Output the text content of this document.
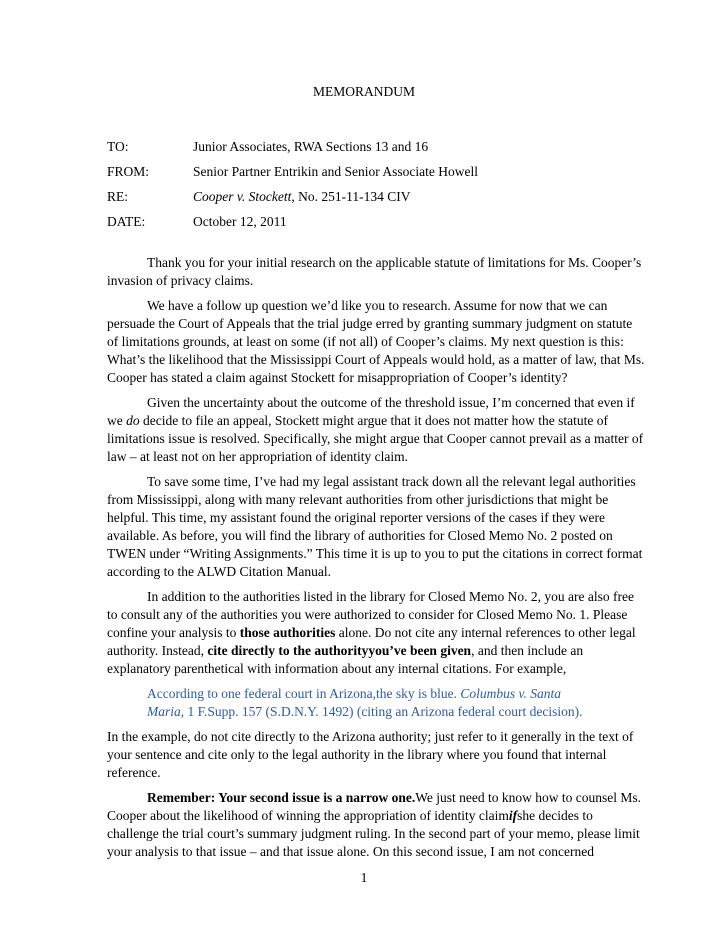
MEMORANDUM
TO:	Junior Associates, RWA Sections 13 and 16
FROM:	Senior Partner Entrikin and Senior Associate Howell
RE:	Cooper v. Stockett, No. 251-11-134 CIV
DATE:	October 12, 2011

Thank you for your initial research on the applicable statute of limitations for Ms. Cooper’s invasion of privacy claims.

We have a follow up question we’d like you to research. Assume for now that we can persuade the Court of Appeals that the trial judge erred by granting summary judgment on statute of limitations grounds, at least on some (if not all) of Cooper’s claims. My next question is this: What’s the likelihood that the Mississippi Court of Appeals would hold, as a matter of law, that Ms. Cooper has stated a claim against Stockett for misappropriation of Cooper’s identity?

Given the uncertainty about the outcome of the threshold issue, I’m concerned that even if we do decide to file an appeal, Stockett might argue that it does not matter how the statute of limitations issue is resolved. Specifically, she might argue that Cooper cannot prevail as a matter of law – at least not on her appropriation of identity claim.

To save some time, I’ve had my legal assistant track down all the relevant legal authorities from Mississippi, along with many relevant authorities from other jurisdictions that might be helpful. This time, my assistant found the original reporter versions of the cases if they were available. As before, you will find the library of authorities for Closed Memo No. 2 posted on TWEN under “Writing Assignments.” This time it is up to you to put the citations in correct format according to the ALWD Citation Manual.

In addition to the authorities listed in the library for Closed Memo No. 2, you are also free to consult any of the authorities you were authorized to consider for Closed Memo No. 1. Please confine your analysis to those authorities alone. Do not cite any internal references to other legal authority. Instead, cite directly to the authorityyou’ve been given, and then include an explanatory parenthetical with information about any internal citations. For example,

According to one federal court in Arizona,the sky is blue. Columbus v. Santa Maria, 1 F.Supp. 157 (S.D.N.Y. 1492) (citing an Arizona federal court decision).

In the example, do not cite directly to the Arizona authority; just refer to it generally in the text of your sentence and cite only to the legal authority in the library where you found that internal reference.

Remember: Your second issue is a narrow one.We just need to know how to counsel Ms. Cooper about the likelihood of winning the appropriation of identity claimifshe decides to challenge the trial court’s summary judgment ruling. In the second part of your memo, please limit your analysis to that issue – and that issue alone. On this second issue, I am not concerned

1
